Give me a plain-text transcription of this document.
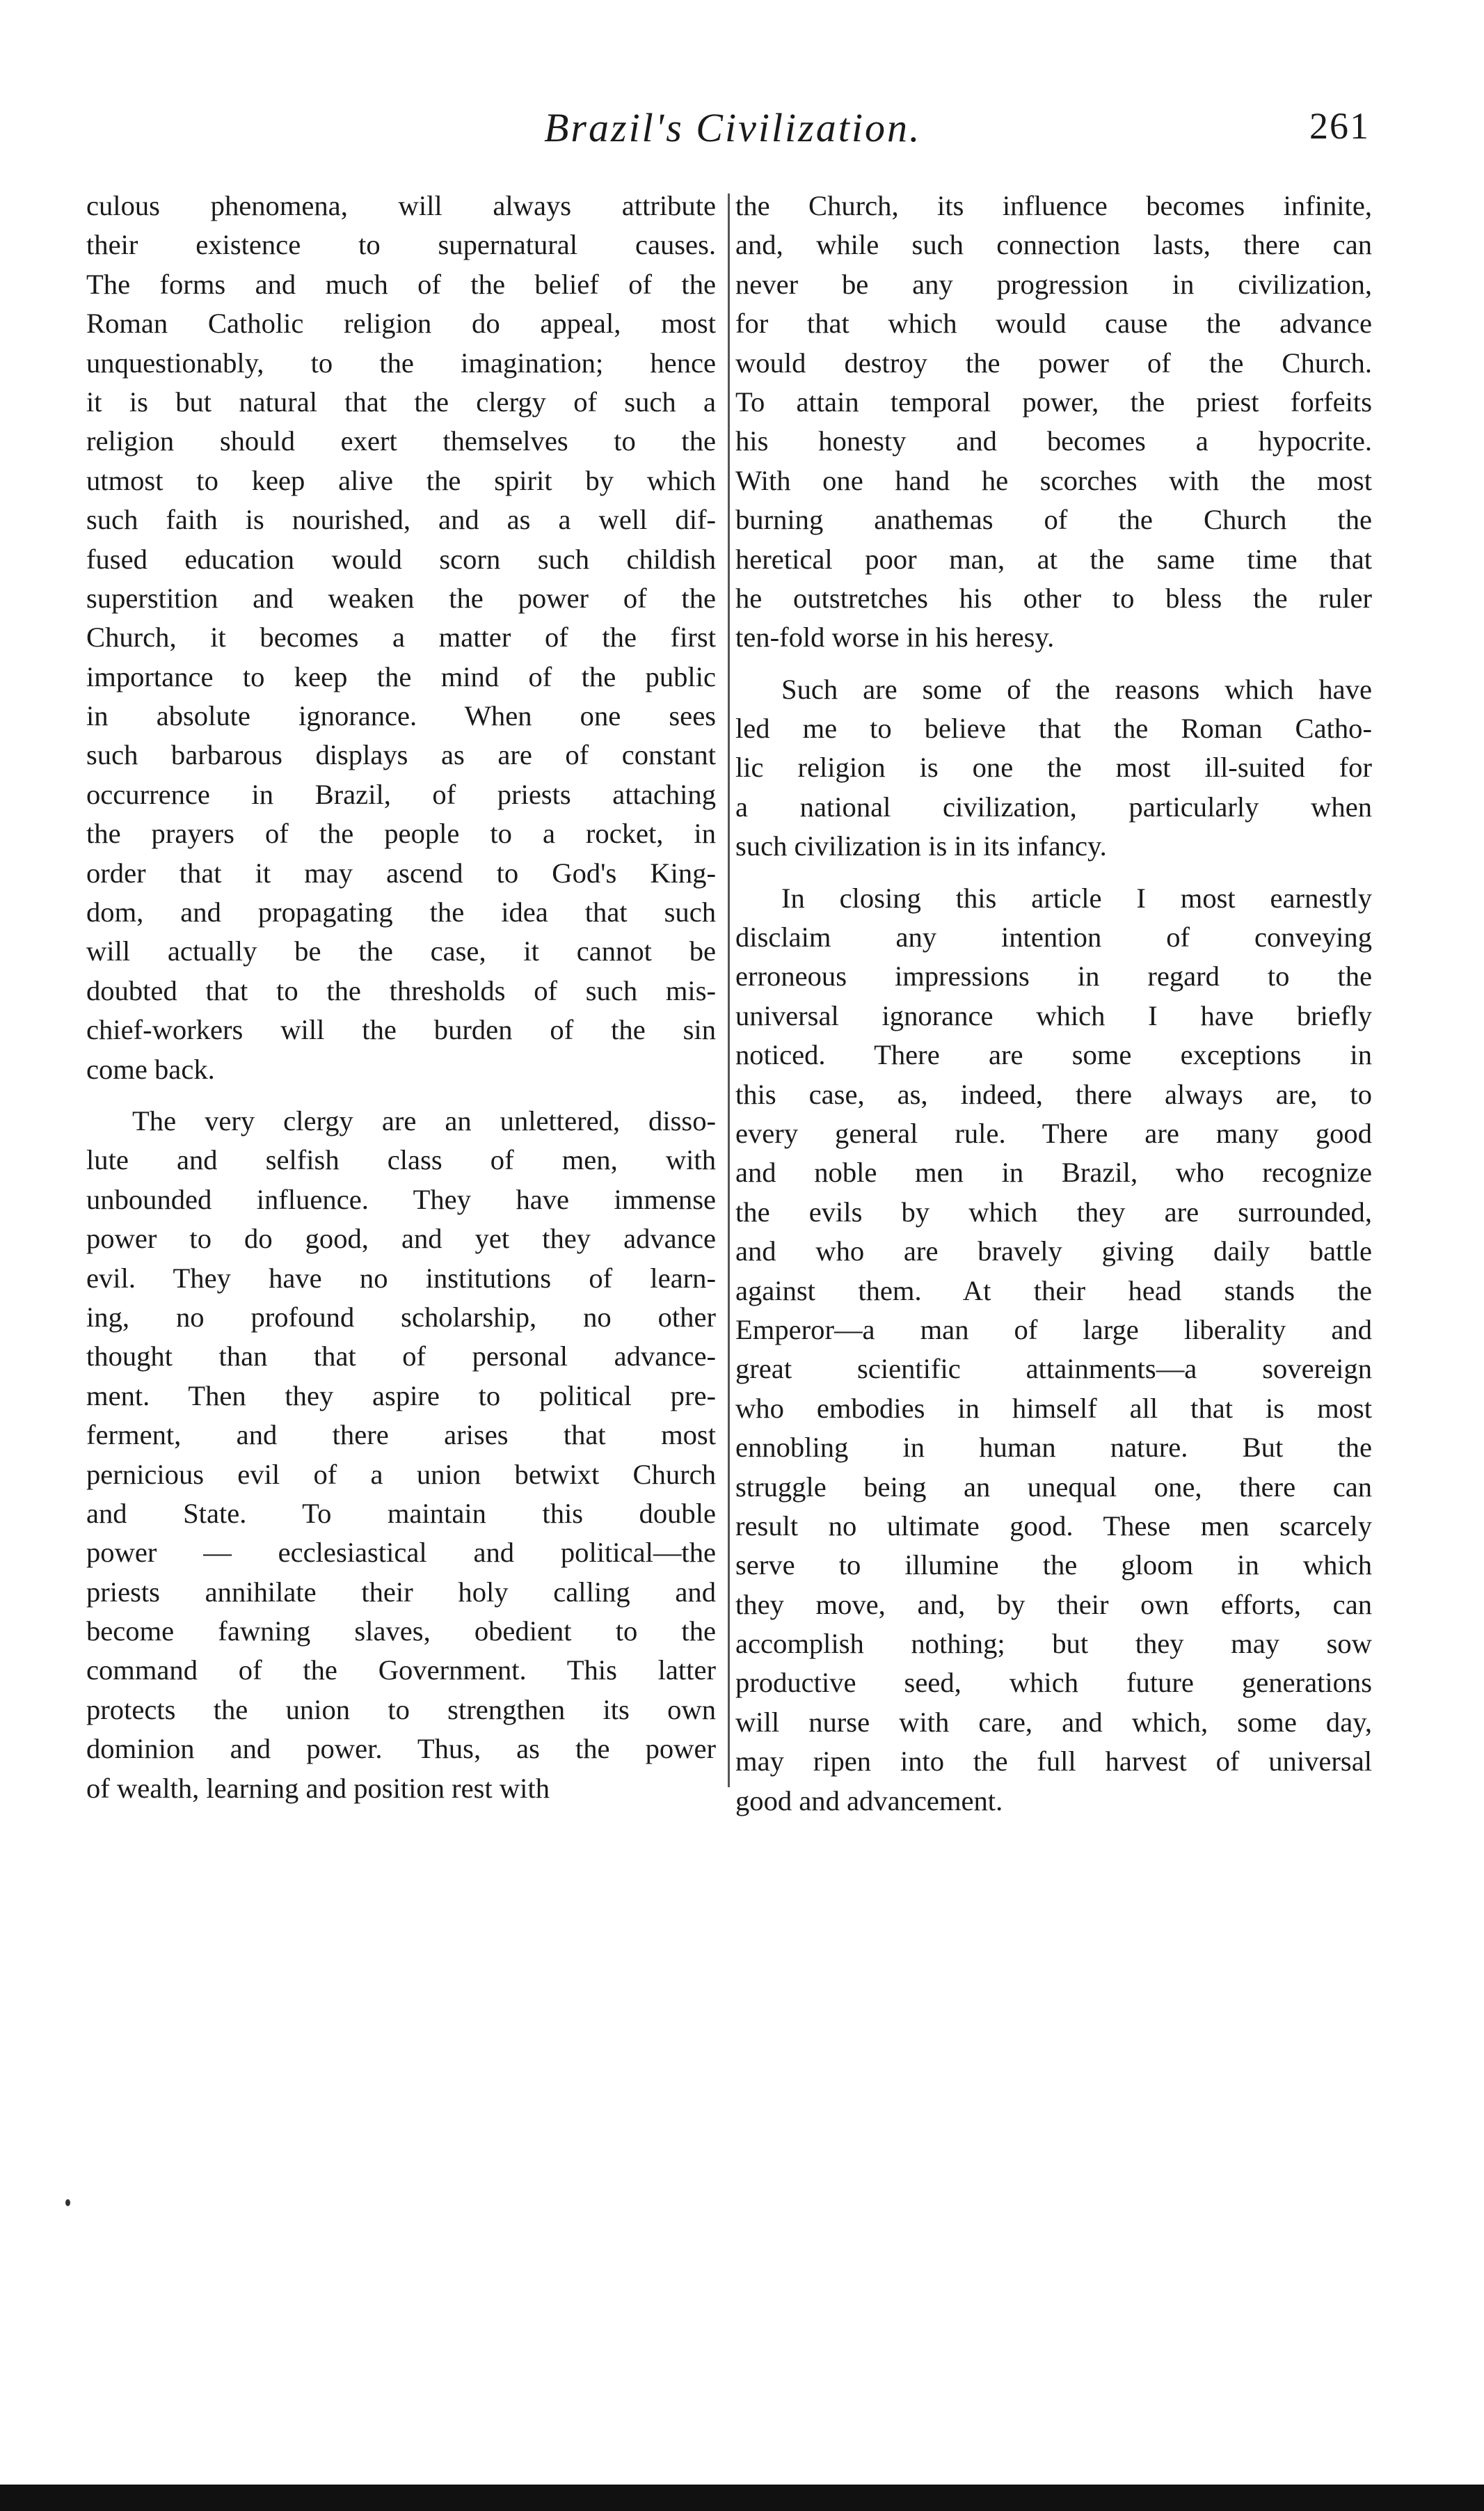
Brazil's Civilization.	261
culous phenomena, will always attribute
their existence to supernatural causes.
The forms and much of the belief of the
Roman Catholic religion do appeal, most
unquestionably, to the imagination; hence
it is but natural that the clergy of such a
religion should exert themselves to the
utmost to keep alive the spirit by which
such faith is nourished, and as a well dif-
fused education would scorn such childish
superstition and weaken the power of the
Church, it becomes a matter of the first
importance to keep the mind of the public
in absolute ignorance. When one sees
such barbarous displays as are of constant
occurrence in Brazil, of priests attaching
the prayers of the people to a rocket, in
order that it may ascend to God's King-
dom, and propagating the idea that such
will actually be the case, it cannot be
doubted that to the thresholds of such mis-
chief-workers will the burden of the sin
come back.
The very clergy are an unlettered, disso-
lute and selfish class of men, with
unbounded influence. They have immense
power to do good, and yet they advance
evil. They have no institutions of learn-
ing, no profound scholarship, no other
thought than that of personal advance-
ment. Then they aspire to political pre-
ferment, and there arises that most
pernicious evil of a union betwixt Church
and State. To maintain this double
power — ecclesiastical and political—the
priests annihilate their holy calling and
become fawning slaves, obedient to the
command of the Government. This latter
protects the union to strengthen its own
dominion and power. Thus, as the power
of wealth, learning and position rest with
the Church, its influence becomes infinite,
and, while such connection lasts, there can
never be any progression in civilization,
for that which would cause the advance
would destroy the power of the Church.
To attain temporal power, the priest forfeits
his honesty and becomes a hypocrite.
With one hand he scorches with the most
burning anathemas of the Church the
heretical poor man, at the same time that
he outstretches his other to bless the ruler
ten-fold worse in his heresy.
Such are some of the reasons which have
led me to believe that the Roman Catho-
lic religion is one the most ill-suited for
a national civilization, particularly when
such civilization is in its infancy.
In closing this article I most earnestly
disclaim any intention of conveying
erroneous impressions in regard to the
universal ignorance which I have briefly
noticed. There are some exceptions in
this case, as, indeed, there always are, to
every general rule. There are many good
and noble men in Brazil, who recognize
the evils by which they are surrounded,
and who are bravely giving daily battle
against them. At their head stands the
Emperor—a man of large liberality and
great scientific attainments—a sovereign
who embodies in himself all that is most
ennobling in human nature. But the
struggle being an unequal one, there can
result no ultimate good. These men scarcely
serve to illumine the gloom in which
they move, and, by their own efforts, can
accomplish nothing; but they may sow
productive seed, which future generations
will nurse with care, and which, some day,
may ripen into the full harvest of universal
good and advancement.
